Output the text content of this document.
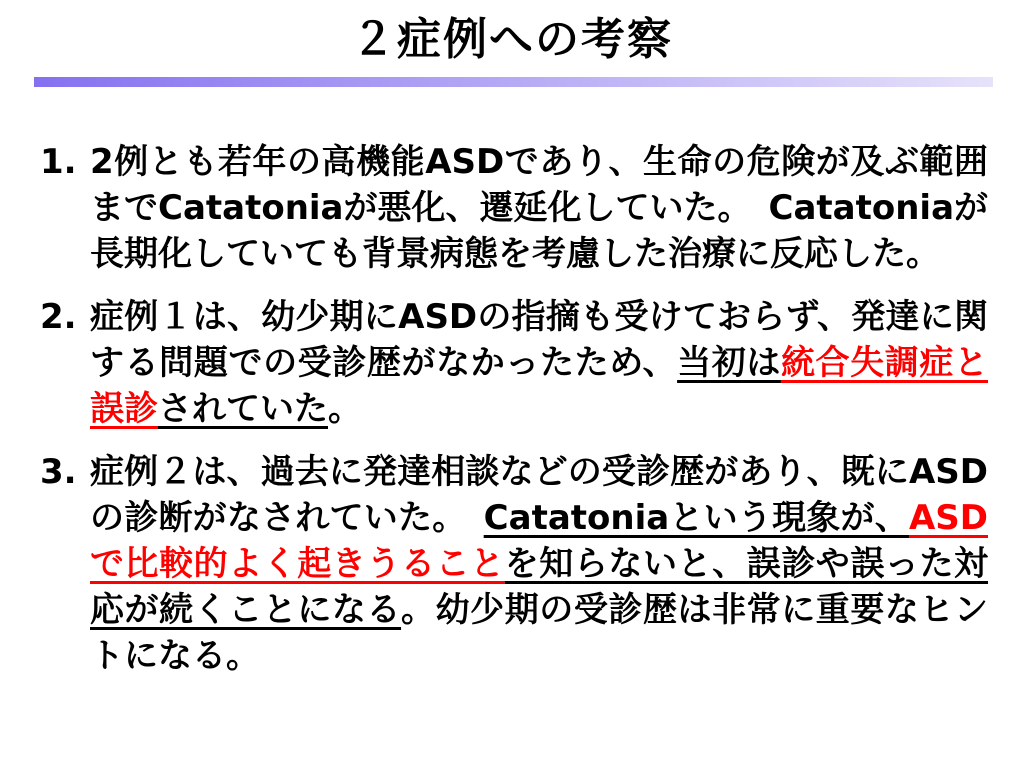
２症例への考察
1. 2例とも若年の高機能ASDであり、生命の危険が及ぶ範囲までCatatoniaが悪化、遷延化していた。　Catatoniaが長期化していても背景病態を考慮した治療に反応した。
2. 症例１は、幼少期にASDの指摘も受けておらず、発達に関する問題での受診歴がなかったため、当初は統合失調症と誤診されていた。
3. 症例２は、過去に発達相談などの受診歴があり、既にASDの診断がなされていた。　Catatoniaという現象が、ASDで比較的よく起きうることを知らないと、誤診や誤った対応が続くことになる。幼少期の受診歴は非常に重要なヒントになる。
